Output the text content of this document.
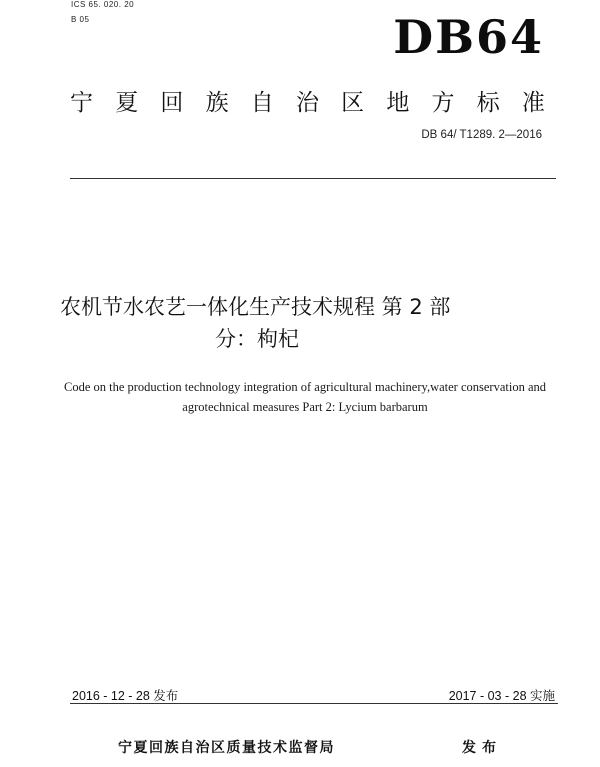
ICS 65. 020. 20
B 05	DB64
宁 夏 回 族 自 治 区 地 方 标 准
DB 64/ T1289. 2—2016
农机节水农艺一体化生产技术规程 第 2 部
分：枸杞
Code on the production technology integration of agricultural machinery,water conservation and agrotechnical measures Part 2: Lycium barbarum
2016 - 12 - 28 发布	2017 - 03 - 28 实施
宁夏回族自治区质量技术监督局	发布
